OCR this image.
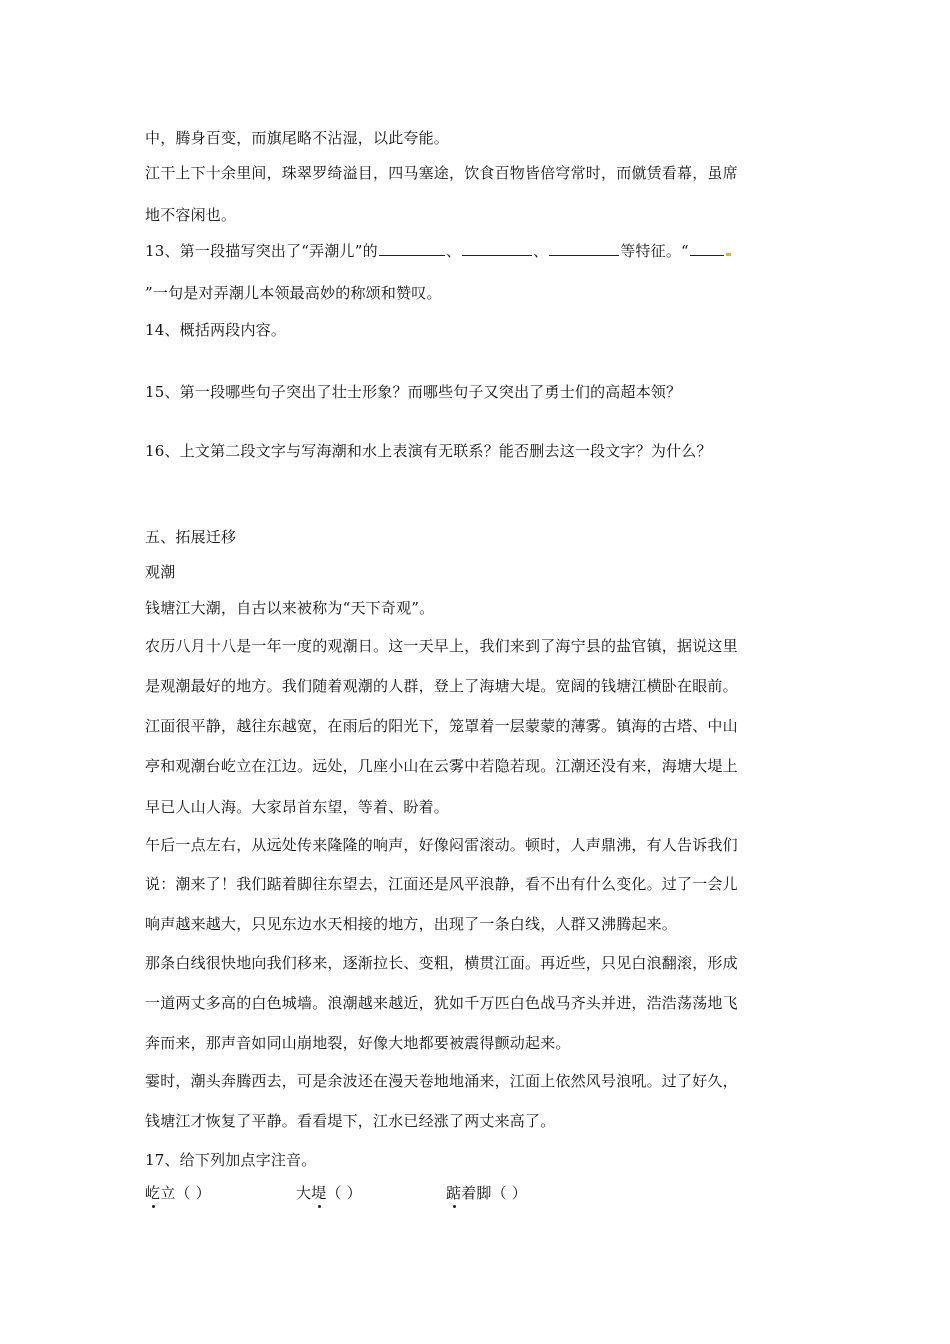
中，腾身百变，而旗尾略不沾湿，以此夸能。
江干上下十余里间，珠翠罗绮溢目，四马塞途，饮食百物皆倍穹常时，而僦赁看幕，虽席
地不容闲也。
13、第一段描写突出了“弄潮儿”的	、	、	等特征。“
”一句是对弄潮儿本领最高妙的称颂和赞叹。
14、概括两段内容。
15、第一段哪些句子突出了壮士形象？而哪些句子又突出了勇士们的高超本领？
16、上文第二段文字与写海潮和水上表演有无联系？能否删去这一段文字？为什么？
五、拓展迁移
观潮
钱塘江大潮，自古以来被称为“天下奇观”。
农历八月十八是一年一度的观潮日。这一天早上，我们来到了海宁县的盐官镇，据说这里
是观潮最好的地方。我们随着观潮的人群，登上了海塘大堤。宽阔的钱塘江横卧在眼前。
江面很平静，越往东越宽，在雨后的阳光下，笼罩着一层蒙蒙的薄雾。镇海的古塔、中山
亭和观潮台屹立在江边。远处，几座小山在云雾中若隐若现。江潮还没有来，海塘大堤上
早已人山人海。大家昂首东望，等着、盼着。
午后一点左右，从远处传来隆隆的响声，好像闷雷滚动。顿时，人声鼎沸，有人告诉我们
说：潮来了！我们踮着脚往东望去，江面还是风平浪静，看不出有什么变化。过了一会儿
响声越来越大，只见东边水天相接的地方，出现了一条白线，人群又沸腾起来。
那条白线很快地向我们移来，逐渐拉长、变粗，横贯江面。再近些，只见白浪翻滚，形成
一道两丈多高的白色城墙。浪潮越来越近，犹如千万匹白色战马齐头并进，浩浩荡荡地飞
奔而来，那声音如同山崩地裂，好像大地都要被震得颤动起来。
霎时，潮头奔腾西去，可是余波还在漫天卷地地涌来，江面上依然风号浪吼。过了好久，
钱塘江才恢复了平静。看看堤下，江水已经涨了两丈来高了。
17、给下列加点字注音。
屹立（ ）	大堤（ ）	踮着脚（ ）
